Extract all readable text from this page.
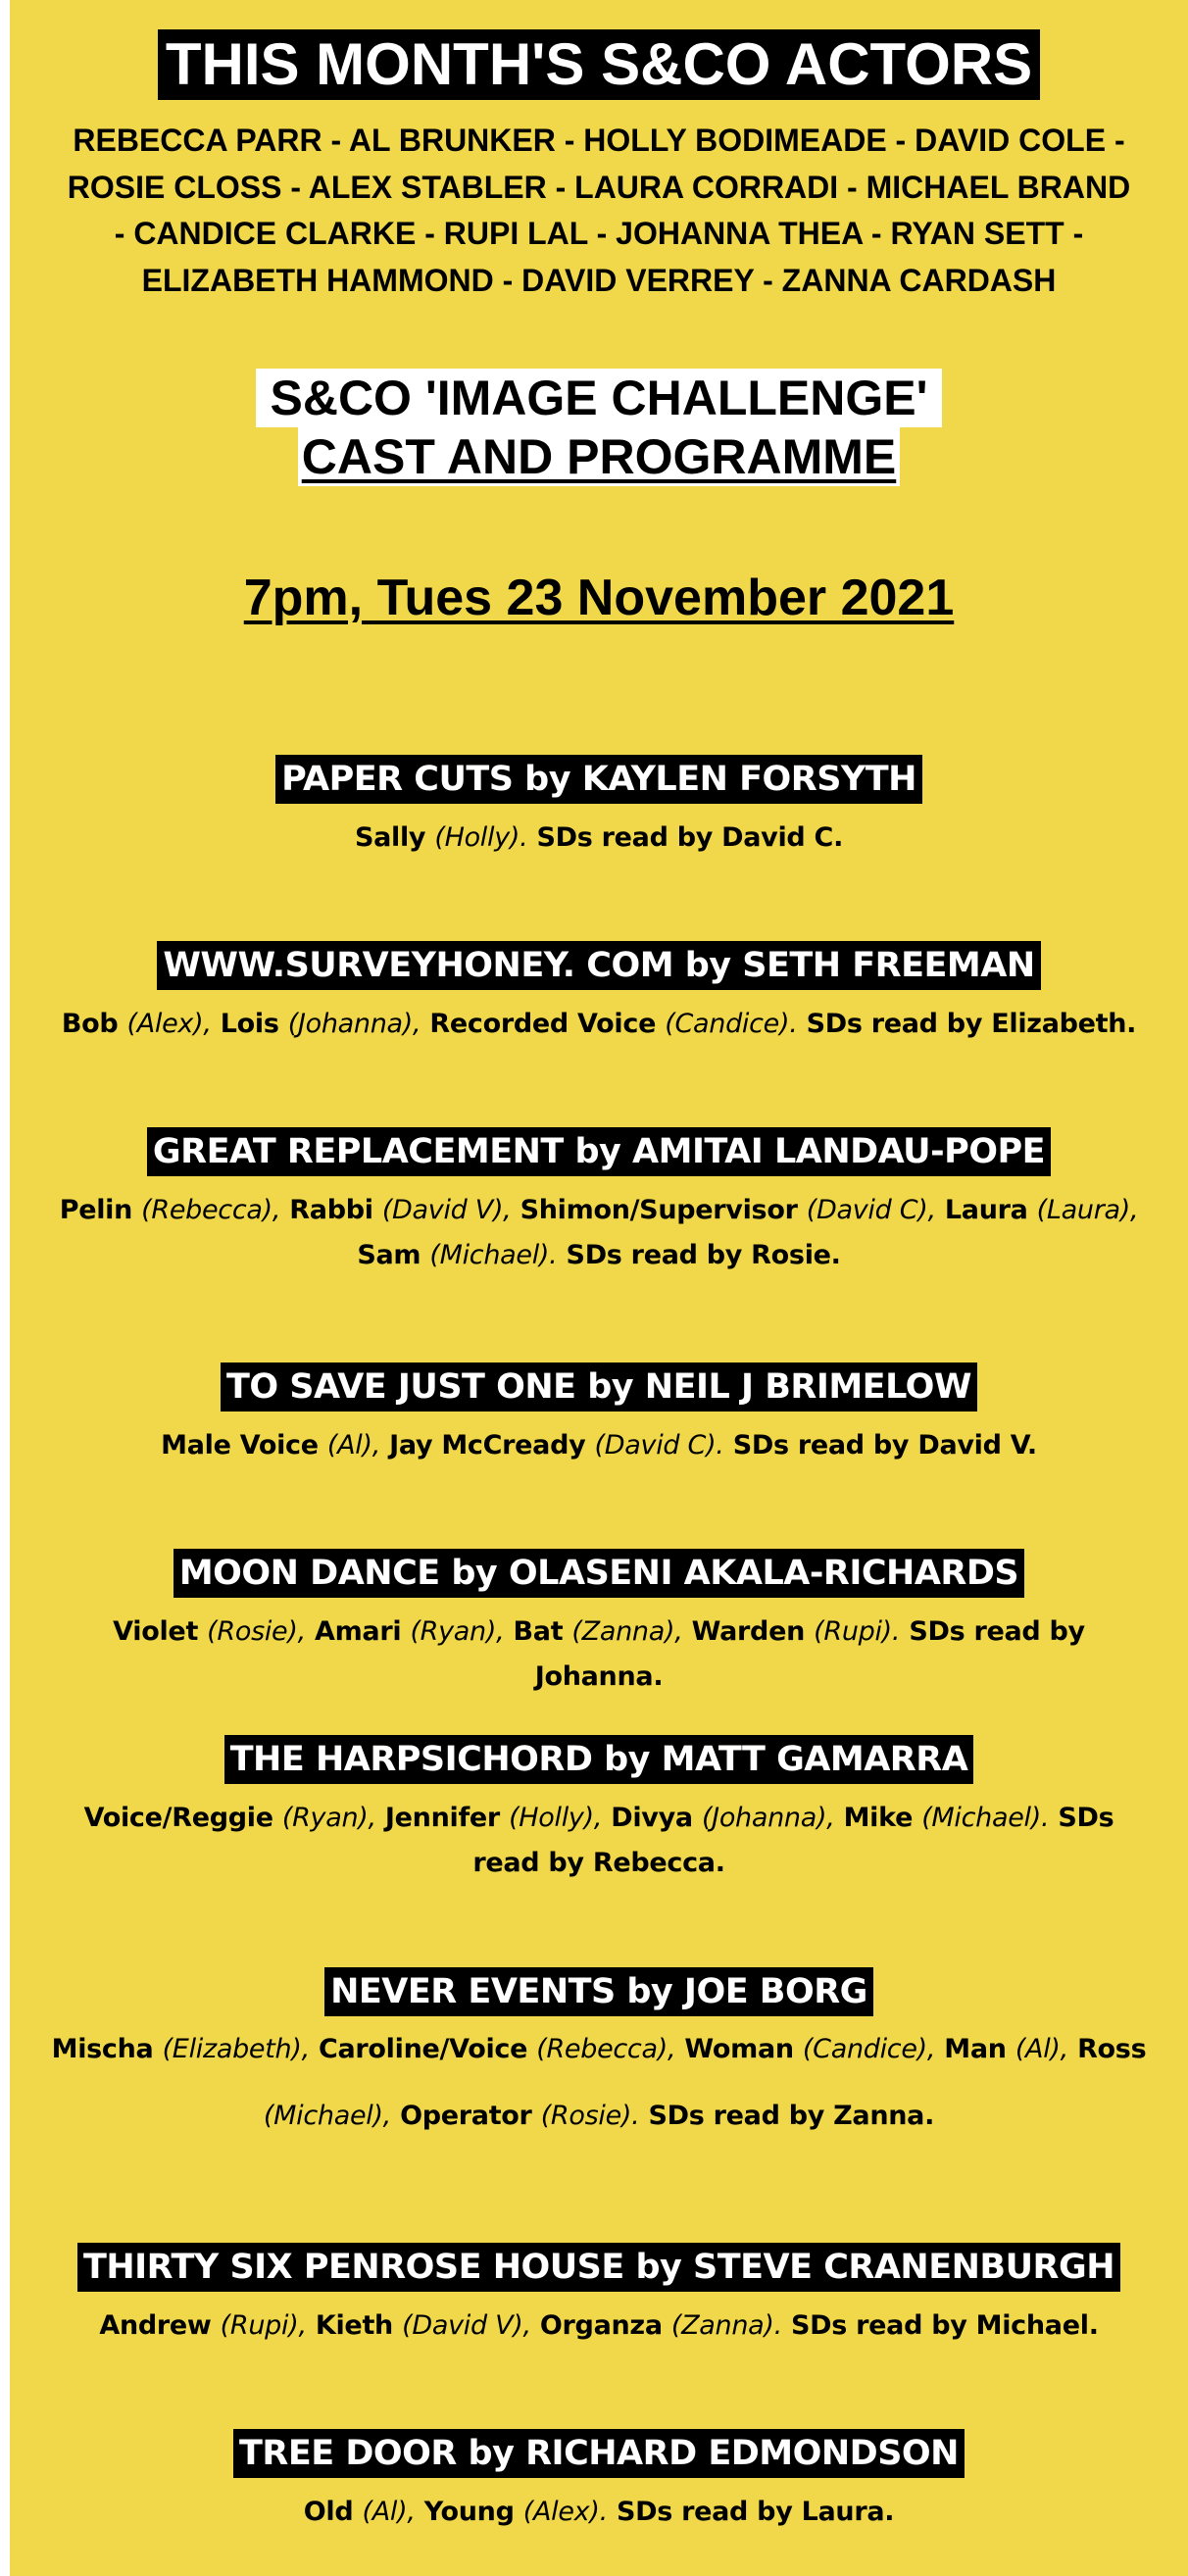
THIS MONTH'S S&CO ACTORS
REBECCA PARR - AL BRUNKER - HOLLY BODIMEADE - DAVID COLE -
ROSIE CLOSS - ALEX STABLER - LAURA CORRADI - MICHAEL BRAND
- CANDICE CLARKE - RUPI LAL - JOHANNA THEA - RYAN SETT -
ELIZABETH HAMMOND - DAVID VERREY - ZANNA CARDASH
S&CO 'IMAGE CHALLENGE'
CAST AND PROGRAMME
7pm, Tues 23 November 2021
PAPER CUTS by KAYLEN FORSYTH
Sally (Holly). SDs read by David C.
WWW.SURVEYHONEY. COM by SETH FREEMAN
Bob (Alex), Lois (Johanna), Recorded Voice (Candice). SDs read by Elizabeth.
GREAT REPLACEMENT by AMITAI LANDAU-POPE
Pelin (Rebecca), Rabbi (David V), Shimon/Supervisor (David C), Laura (Laura), Sam (Michael). SDs read by Rosie.
TO SAVE JUST ONE by NEIL J BRIMELOW
Male Voice (Al), Jay McCready (David C). SDs read by David V.
MOON DANCE by OLASENI AKALA-RICHARDS
Violet (Rosie), Amari (Ryan), Bat (Zanna), Warden (Rupi). SDs read by Johanna.
THE HARPSICHORD by MATT GAMARRA
Voice/Reggie (Ryan), Jennifer (Holly), Divya (Johanna), Mike (Michael). SDs read by Rebecca.
NEVER EVENTS by JOE BORG
Mischa (Elizabeth), Caroline/Voice (Rebecca), Woman (Candice), Man (Al), Ross (Michael), Operator (Rosie). SDs read by Zanna.
THIRTY SIX PENROSE HOUSE by STEVE CRANENBURGH
Andrew (Rupi), Kieth (David V), Organza (Zanna). SDs read by Michael.
TREE DOOR by RICHARD EDMONDSON
Old (Al), Young (Alex). SDs read by Laura.
